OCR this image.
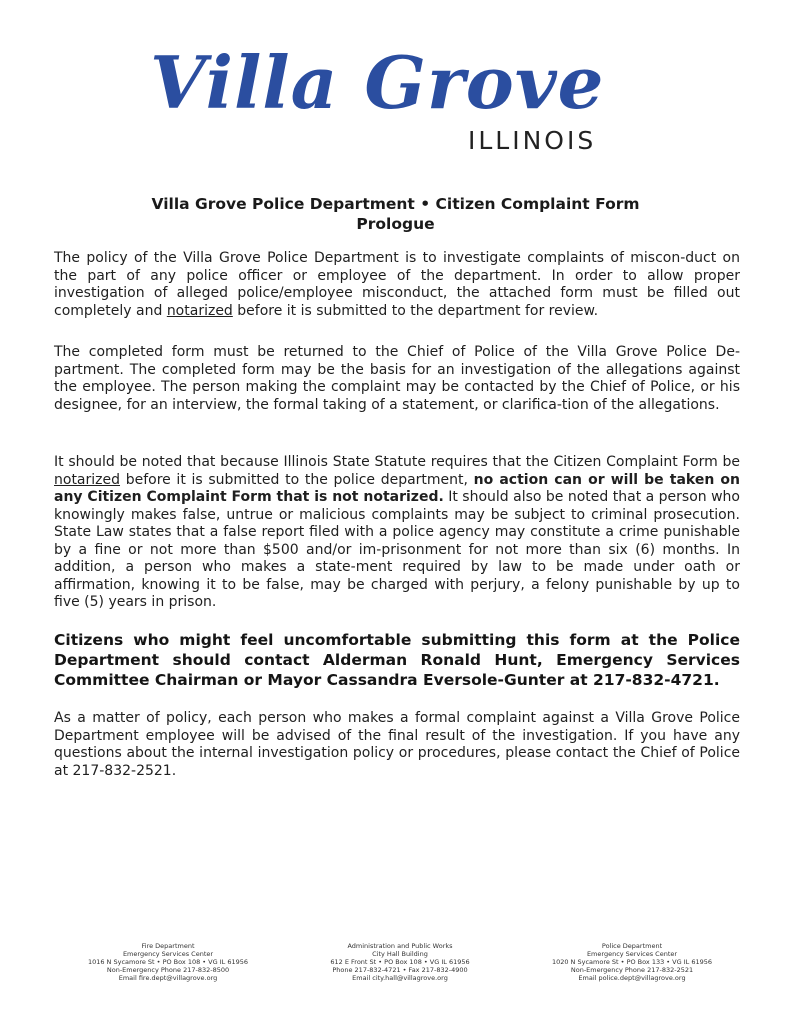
Villa Grove
ILLINOIS
Villa Grove Police Department • Citizen Complaint Form
Prologue
The policy of the Villa Grove Police Department is to investigate complaints of miscon-duct on the part of any police officer or employee of the department. In order to allow proper investigation of alleged police/employee misconduct, the attached form must be filled out completely and notarized before it is submitted to the department for review.
The completed form must be returned to the Chief of Police of the Villa Grove Police De-partment. The completed form may be the basis for an investigation of the allegations against the employee. The person making the complaint may be contacted by the Chief of Police, or his designee, for an interview, the formal taking of a statement, or clarifica-tion of the allegations.
It should be noted that because Illinois State Statute requires that the Citizen Complaint Form be notarized before it is submitted to the police department, no action can or will be taken on any Citizen Complaint Form that is not notarized. It should also be noted that a person who knowingly makes false, untrue or malicious complaints may be subject to criminal prosecution. State Law states that a false report filed with a police agency may constitute a crime punishable by a fine or not more than $500 and/or im-prisonment for not more than six (6) months. In addition, a person who makes a state-ment required by law to be made under oath or affirmation, knowing it to be false, may be charged with perjury, a felony punishable by up to five (5) years in prison.
Citizens who might feel uncomfortable submitting this form at the Police Department should contact Alderman Ronald Hunt, Emergency Services Committee Chairman or Mayor Cassandra Eversole-Gunter at 217-832-4721.
As a matter of policy, each person who makes a formal complaint against a Villa Grove Police Department employee will be advised of the final result of the investigation. If you have any questions about the internal investigation policy or procedures, please contact the Chief of Police at 217-832-2521.
Fire Department
Emergency Services Center
1016 N Sycamore St • PO Box 108 • VG IL 61956
Non-Emergency Phone 217-832-8500
Email fire.dept@villagrove.org
Administration and Public Works
City Hall Building
612 E Front St • PO Box 108 • VG IL 61956
Phone 217-832-4721 • Fax 217-832-4900
Email city.hall@villagrove.org
Police Department
Emergency Services Center
1020 N Sycamore St • PO Box 133 • VG IL 61956
Non-Emergency Phone 217-832-2521
Email police.dept@villagrove.org
